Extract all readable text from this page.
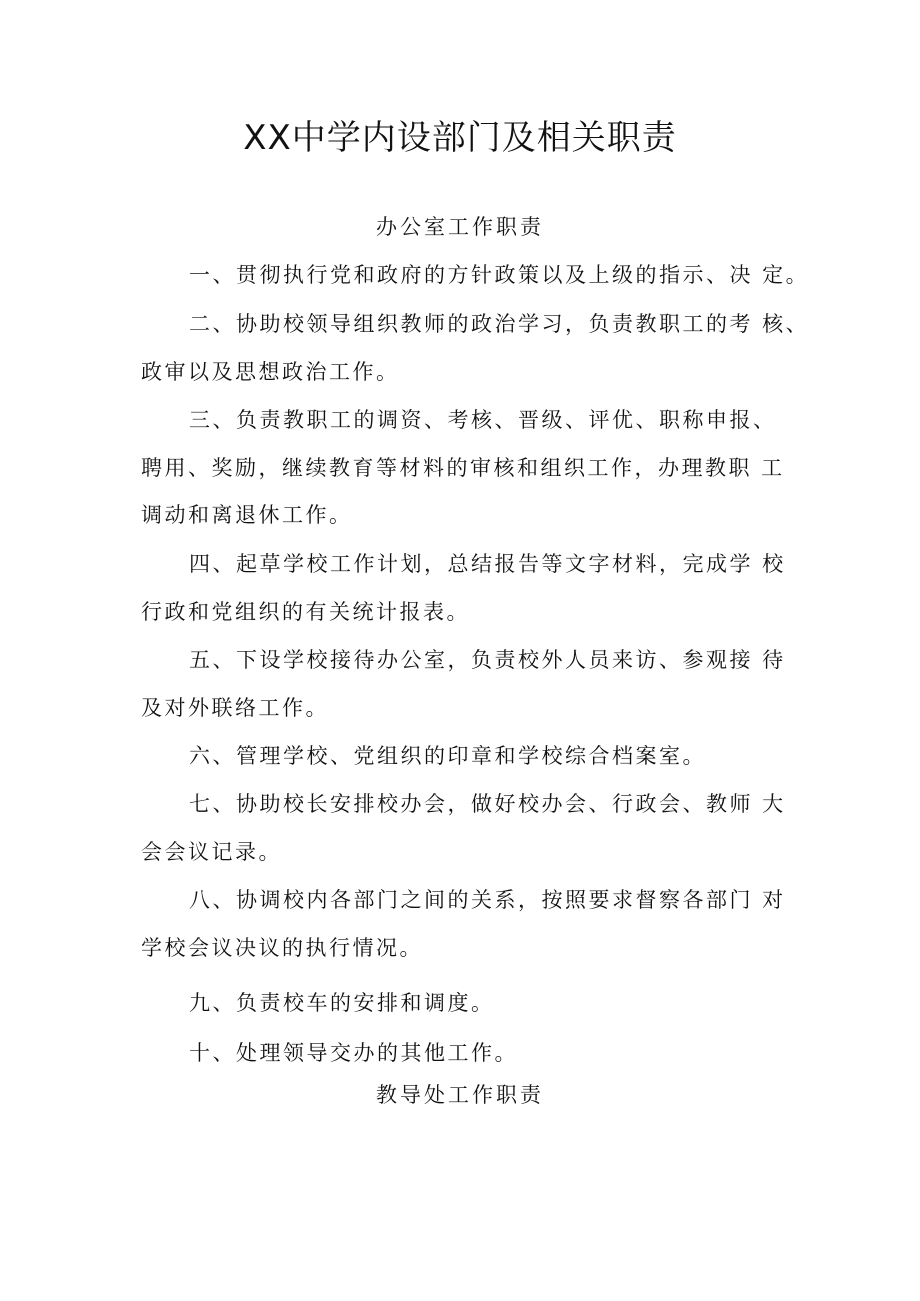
XX中学内设部门及相关职责
办公室工作职责
一、贯彻执行党和政府的方针政策以及上级的指示、决 定。
二、协助校领导组织教师的政治学习，负责教职工的考 核、
政审以及思想政治工作。
三、负责教职工的调资、考核、晋级、评优、职称申报、
聘用、奖励，继续教育等材料的审核和组织工作，办理教职 工
调动和离退休工作。
四、起草学校工作计划，总结报告等文字材料，完成学 校
行政和党组织的有关统计报表。
五、下设学校接待办公室，负责校外人员来访、参观接 待
及对外联络工作。
六、管理学校、党组织的印章和学校综合档案室。
七、协助校长安排校办会，做好校办会、行政会、教师 大
会会议记录。
八、协调校内各部门之间的关系，按照要求督察各部门 对
学校会议决议的执行情况。
九、负责校车的安排和调度。
十、处理领导交办的其他工作。
教导处工作职责
